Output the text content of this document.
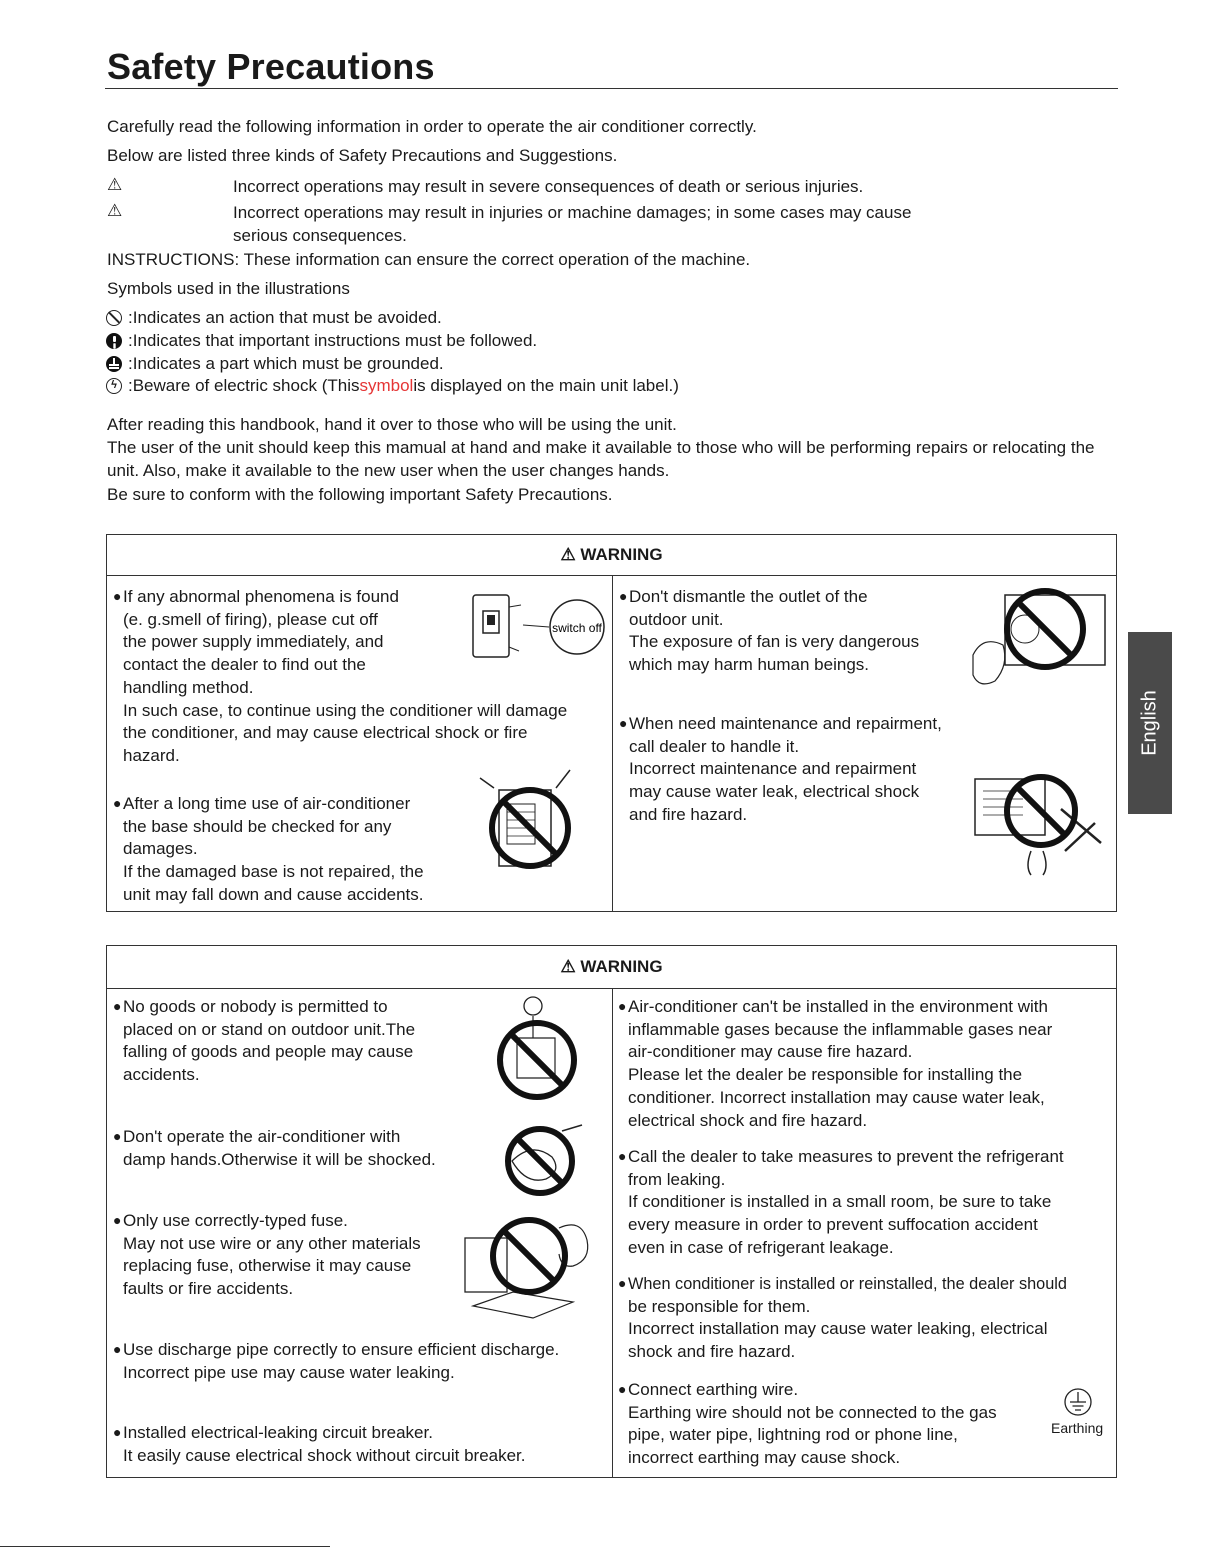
Safety Precautions
Carefully read the following information in order to operate the air conditioner correctly.
Below are listed three kinds of Safety Precautions and Suggestions.
⚠	Incorrect operations may result in severe consequences of death or serious injuries.
⚠	Incorrect operations may result in injuries or machine damages; in some cases may cause serious consequences.
INSTRUCTIONS: These information can ensure the correct operation of the machine.
Symbols used in the illustrations
:Indicates an action that must be avoided.
:Indicates that important instructions must be followed.
:Indicates a part which must be grounded.
ϟ :Beware of electric shock (This symbol is displayed on the main unit label.)
After reading this handbook, hand it over to those who will be using the unit.
The user of the unit should keep this mamual at hand and make it available to those who will be performing repairs or relocating the unit. Also, make it available to the new user when the user changes hands.
Be sure to conform with the following important Safety Precautions.
⚠ WARNING
● If any abnormal phenomena is found

(e. g.smell of firing), please cut off

the power supply immediately, and

contact the dealer to find out the

handling method.

In such case, to continue using the conditioner will damage

the conditioner, and may cause electrical shock or fire

hazard.

● After a long time use of air-conditioner

the base should be checked for any

damages.

If the damaged base is not repaired, the

unit may fall down and cause accidents.

● Don't dismantle the outlet of the

outdoor unit.

The exposure of fan is very dangerous

which may harm human beings.

● When need maintenance and repairment,

call dealer to handle it.

Incorrect maintenance and repairment

may cause water leak, electrical shock

and fire hazard.

switch off
⚠ WARNING
● No goods or nobody is permitted to

placed on or stand on outdoor unit.The

falling of goods and people may cause

accidents.

● Don't operate the air-conditioner with

damp hands.Otherwise it will be shocked.

● Only use correctly-typed fuse.

May not use wire or any other materials

replacing fuse, otherwise it may cause

faults or fire accidents.

● Use discharge pipe correctly to ensure efficient discharge.

Incorrect pipe use may cause water leaking.

● Installed electrical-leaking circuit breaker.

It easily cause electrical shock without circuit breaker.

● Air-conditioner can't be installed in the environment with

inflammable gases because the inflammable gases near

air-conditioner may cause fire hazard.

Please let the dealer be responsible for installing the

conditioner. Incorrect installation may cause water leak,

electrical shock and fire hazard.

● Call the dealer to take measures to prevent the refrigerant

from leaking.

If conditioner is installed in a small room, be sure to take

every measure in order to prevent suffocation accident

even in case of refrigerant leakage.

● When conditioner is installed or reinstalled, the dealer should

be responsible for them.

Incorrect installation may cause water leaking, electrical

shock and fire hazard.

● Connect earthing wire.

Earthing wire should not be connected to the gas

pipe, water pipe, lightning rod or phone line,

incorrect earthing may cause shock.

Earthing
English
